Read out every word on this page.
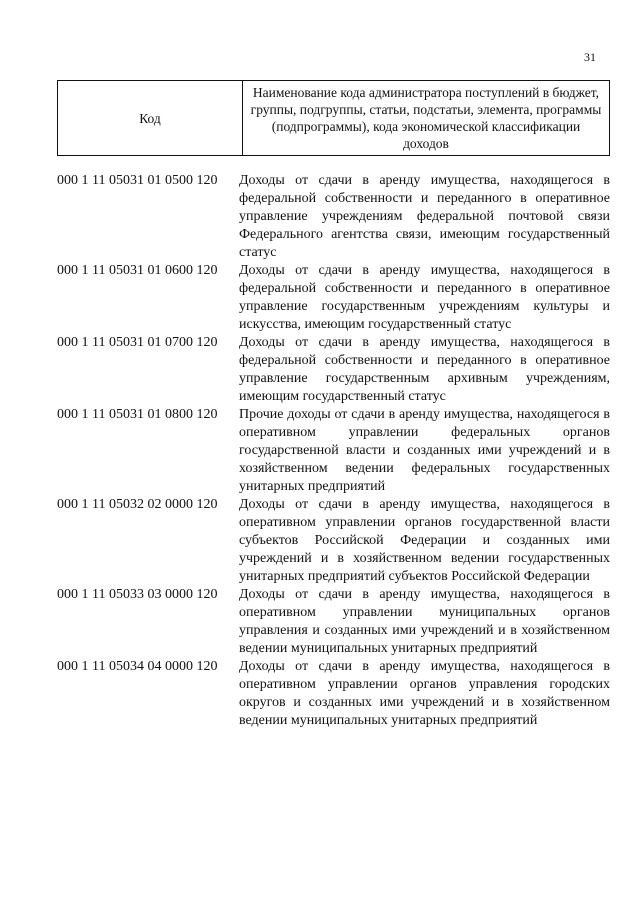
31
Код	Наименование кода администратора поступлений в бюджет, группы, подгруппы, статьи, подстатьи, элемента, программы (подпрограммы), кода экономической классификации доходов
000 1 11 05031 01 0500 120	Доходы от сдачи в аренду имущества, находящегося в федеральной собственности и переданного в оперативное управление учреждениям федеральной почтовой связи Федерального агентства связи, имеющим государственный статус
000 1 11 05031 01 0600 120	Доходы от сдачи в аренду имущества, находящегося в федеральной собственности и переданного в оперативное управление государственным учреждениям культуры и искусства, имеющим государственный статус
000 1 11 05031 01 0700 120	Доходы от сдачи в аренду имущества, находящегося в федеральной собственности и переданного в оперативное управление государственным архивным учреждениям, имеющим государственный статус
000 1 11 05031 01 0800 120	Прочие доходы от сдачи в аренду имущества, находящегося в оперативном управлении федеральных органов государственной власти и созданных ими учреждений и в хозяйственном ведении федеральных государственных унитарных предприятий
000 1 11 05032 02 0000 120	Доходы от сдачи в аренду имущества, находящегося в оперативном управлении органов государственной власти субъектов Российской Федерации и созданных ими учреждений и в хозяйственном ведении государственных унитарных предприятий субъектов Российской Федерации
000 1 11 05033 03 0000 120	Доходы от сдачи в аренду имущества, находящегося в оперативном управлении муниципальных органов управления и созданных ими учреждений и в хозяйственном ведении муниципальных унитарных предприятий
000 1 11 05034 04 0000 120	Доходы от сдачи в аренду имущества, находящегося в оперативном управлении органов управления городских округов и созданных ими учреждений и в хозяйственном ведении муниципальных унитарных предприятий
